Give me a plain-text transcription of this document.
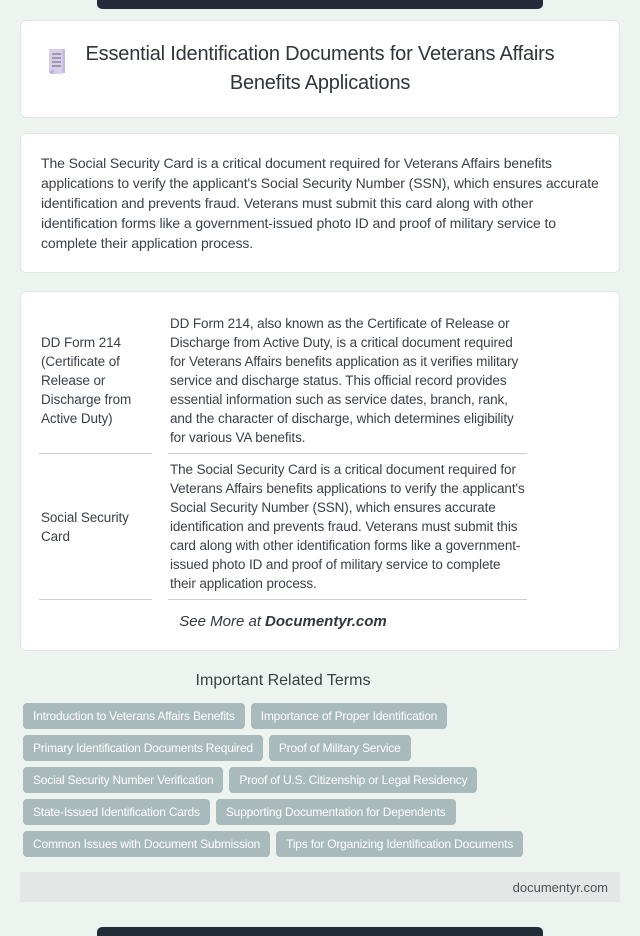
Essential Identification Documents for Veterans Affairs Benefits Applications

The Social Security Card is a critical document required for Veterans Affairs benefits applications to verify the applicant's Social Security Number (SSN), which ensures accurate identification and prevents fraud. Veterans must submit this card along with other identification forms like a government-issued photo ID and proof of military service to complete their application process.

DD Form 214 (Certificate of Release or Discharge from Active Duty)	DD Form 214, also known as the Certificate of Release or Discharge from Active Duty, is a critical document required for Veterans Affairs benefits application as it verifies military service and discharge status. This official record provides essential information such as service dates, branch, rank, and the character of discharge, which determines eligibility for various VA benefits.
Social Security Card	The Social Security Card is a critical document required for Veterans Affairs benefits applications to verify the applicant's Social Security Number (SSN), which ensures accurate identification and prevents fraud. Veterans must submit this card along with other identification forms like a government-issued photo ID and proof of military service to complete their application process.
See More at Documentyr.com
Important Related Terms
Introduction to Veterans Affairs Benefits	Importance of Proper Identification
Primary Identification Documents Required	Proof of Military Service
Social Security Number Verification	Proof of U.S. Citizenship or Legal Residency
State-Issued Identification Cards	Supporting Documentation for Dependents
Common Issues with Document Submission	Tips for Organizing Identification Documents
documentyr.com
